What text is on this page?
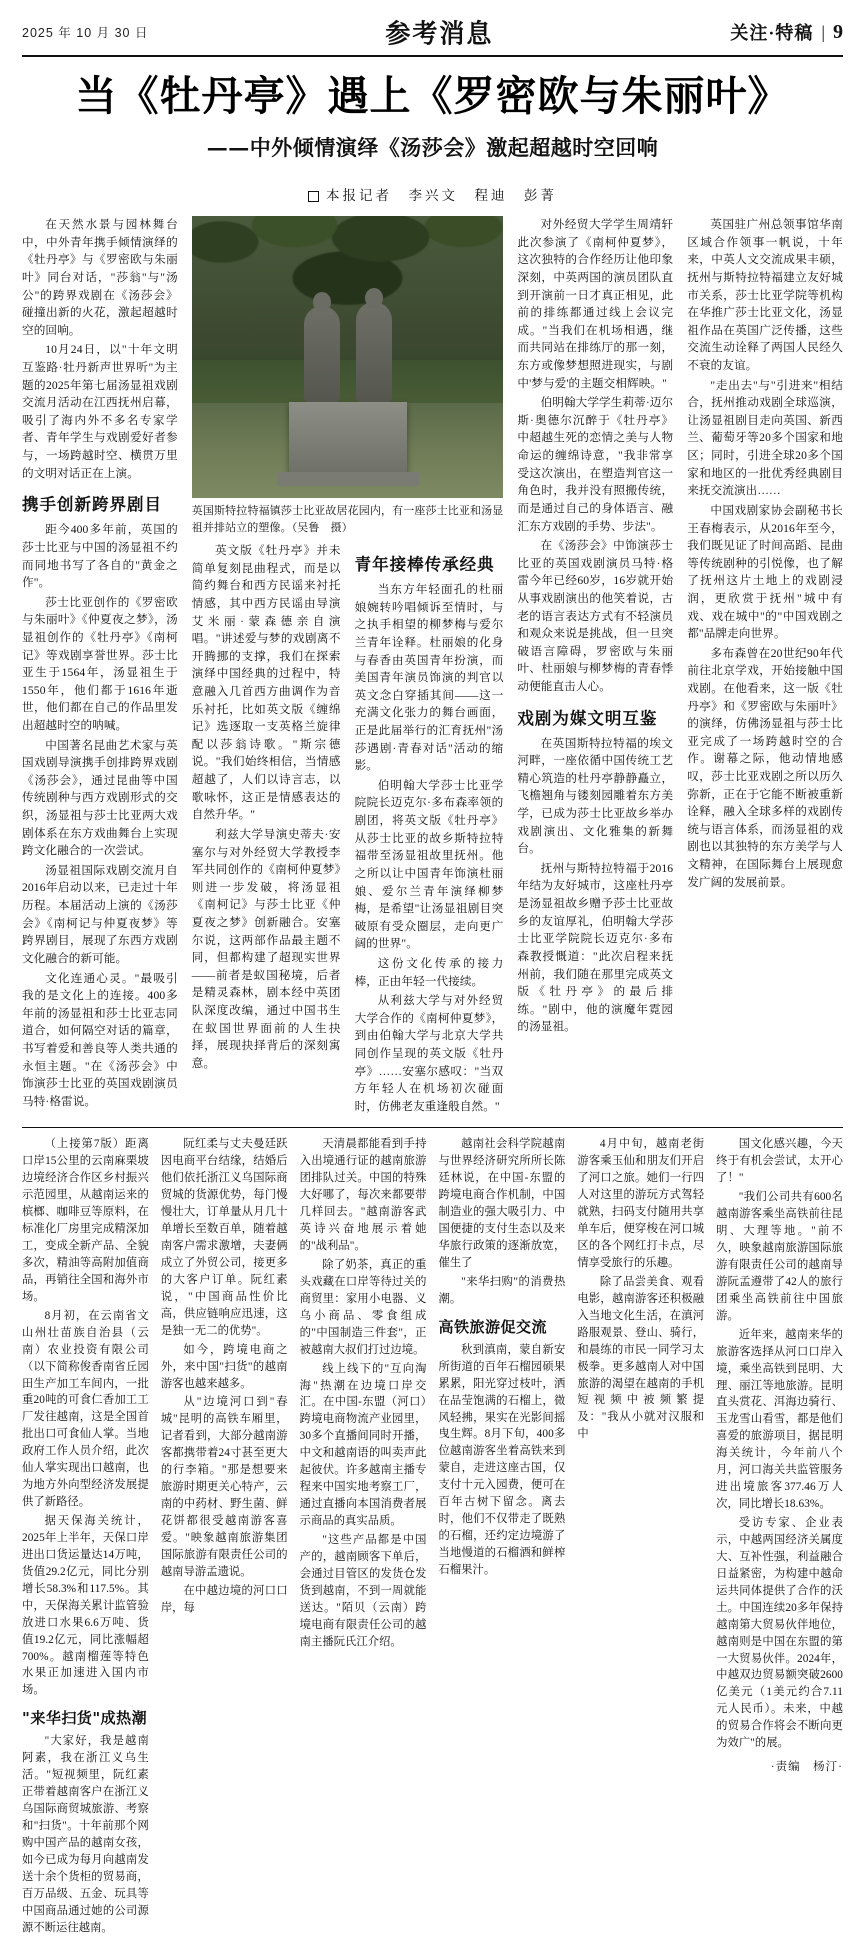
2025 年 10 月 30 日	参考消息	关注·特稿 | 9
当《牡丹亭》遇上《罗密欧与朱丽叶》
——中外倾情演绎《汤莎会》激起超越时空回响
本报记者　李兴文　程迪　彭菁

在天然水景与园林舞台中，中外青年携手倾情演绎的《牡丹亭》与《罗密欧与朱丽叶》同台对话，"莎翁"与"汤公"的跨界戏剧在《汤莎会》碰撞出新的火花，激起超越时空的回响。

10月24日，以"十年文明互鉴路·牡丹新声世界听"为主题的2025年第七届汤显祖戏剧交流月活动在江西抚州启幕，吸引了海内外不多名专家学者、青年学生与戏剧爱好者参与，一场跨越时空、横贯万里的文明对话正在上演。

携手创新跨界剧目

距今400多年前，英国的莎士比亚与中国的汤显祖不约而同地书写了各自的"黄金之作"。

莎士比亚创作的《罗密欧与朱丽叶》《仲夏夜之梦》，汤显祖创作的《牡丹亭》《南柯记》等戏剧享誉世界。莎士比亚生于1564年，汤显祖生于1550年，他们都于1616年逝世，他们都在自己的作品里发出超越时空的呐喊。

中国著名昆曲艺术家与英国戏剧导演携手创排跨界戏剧《汤莎会》，通过昆曲等中国传统剧种与西方戏剧形式的交织，汤显祖与莎士比亚两大戏剧体系在东方戏曲舞台上实现跨文化融合的一次尝试。

汤显祖国际戏剧交流月自2016年启动以来，已走过十年历程。本届活动上演的《汤莎会》《南柯记与仲夏夜梦》等跨界剧目，展现了东西方戏剧文化融合的新可能。

文化连通心灵。"最吸引我的是文化上的连接。400多年前的汤显祖和莎士比亚志同道合，如何隔空对话的篇章，书写着爱和善良等人类共通的永恒主题。"在《汤莎会》中饰演莎士比亚的英国戏剧演员马特·格雷说。

英国斯特拉特福镇莎士比亚故居花园内，有一座莎士比亚和汤显祖并排站立的塑像。（吴鲁　摄）

英文版《牡丹亭》并未简单复刻昆曲程式，而是以简约舞台和西方民谣来衬托情感，其中西方民谣由导演艾米丽·蒙森德亲自演唱。"讲述爱与梦的戏剧离不开腾挪的支撑，我们在探索演绎中国经典的过程中，特意融入几首西方曲调作为音乐衬托，比如英文版《缠绵记》选逐取一支英格兰旋律配以莎翁诗歌。"斯宗德说。"我们始终相信，当情感超越了，人们以诗言志，以歌咏怀，这正是情感表达的自然升华。"

利兹大学导演史蒂夫·安塞尔与对外经贸大学教授李军共同创作的《南柯仲夏梦》则进一步发破，将汤显祖《南柯记》与莎士比亚《仲夏夜之梦》创新融合。安塞尔说，这两部作品最主题不同，但都构建了超现实世界——前者是蚁国秘境，后者是精灵森林，剧本经中英团队深度改编，通过中国书生在蚁国世界面前的人生抉择，展现抉择背后的深刻寓意。

青年接棒传承经典

当东方年轻面孔的杜丽娘婉转吟唱倾诉至情时，与之执手相望的柳梦梅与爱尔兰青年诠释。杜丽娘的化身与春香由英国青年扮演，而美国青年演员饰演的判官以英文念白穿插其间——这一充满文化张力的舞台画面，正是此届举行的汇育抚州"汤莎遇剧·青春对话"活动的缩影。

伯明翰大学莎士比亚学院院长迈克尔·多布森率领的剧团，将英文版《牡丹亭》从莎士比亚的故乡斯特拉特福带至汤显祖故里抚州。他之所以让中国青年饰演杜丽娘、爱尔兰青年演绎柳梦梅，是希望"让汤显祖剧目突破原有受众圈层，走向更广阔的世界"。

这份文化传承的接力棒，正由年轻一代接续。

从利兹大学与对外经贸大学合作的《南柯仲夏梦》，到由伯翰大学与北京大学共同创作呈现的英文版《牡丹亭》……安塞尔感叹："当双方年轻人在机场初次碰面时，仿佛老友重逢般自然。"

对外经贸大学学生周靖轩此次参演了《南柯仲夏梦》，这次独特的合作经历让他印象深刻，中英两国的演员团队直到开演前一日才真正相见，此前的排练都通过线上会议完成。"当我们在机场相遇，继而共同站在排练厅的那一刻，东方或像梦想照进现实，与剧中'梦与爱'的主题交相辉映。"

伯明翰大学学生莉蒂·迈尔斯·奥德尔沉醉于《牡丹亭》中超越生死的恋情之美与人物命运的缠绵诗意，"我非常享受这次演出，在塑造判官这一角色时，我并没有照搬传统，而是通过自己的身体语言、融汇东方戏剧的手势、步法"。

在《汤莎会》中饰演莎士比亚的英国戏剧演员马特·格雷今年已经60岁，16岁就开始从事戏剧演出的他笑着说，古老的语言表达方式有不轻演员和观众来说是挑战，但一旦突破语言障碍，罗密欧与朱丽叶、杜丽娘与柳梦梅的青春悸动便能直击人心。

戏剧为媒文明互鉴

在英国斯特拉特福的埃文河畔，一座依循中国传统工艺精心筑造的杜丹亭静静矗立，飞檐翘角与镂刻园雕着东方美学，已成为莎士比亚故乡举办戏剧演出、文化雅集的新舞台。

抚州与斯特拉特福于2016年结为友好城市，这座杜丹亭是汤显祖故乡赠予莎士比亚故乡的友谊厚礼，伯明翰大学莎士比亚学院院长迈克尔·多布森教授慨道："此次启程来抚州前，我们随在那里完成英文版《牡丹亭》的最后排练。"剧中，他的演魔年霓园的汤显祖。

英国驻广州总领事馆华南区域合作领事一帆说，十年来，中英人文交流成果丰硕，抚州与斯特拉特福建立友好城市关系，莎士比亚学院等机构在华推广莎士比亚文化，汤显祖作品在英国广泛传播，这些交流生动诠释了两国人民经久不衰的友谊。

"走出去"与"引进来"相结合，抚州推动戏剧全球巡演，让汤显祖剧目走向英国、新西兰、葡萄牙等20多个国家和地区；同时，引进全球20多个国家和地区的一批优秀经典剧目来抚交流演出……

中国戏剧家协会副秘书长王春梅表示，从2016年至今，我们既见证了时间高蹈、昆曲等传统剧种的引悦像，也了解了抚州这片土地上的戏剧浸润，更欣赏于抚州"城中有戏、戏在城中"的"中国戏剧之都"品牌走向世界。

多布森曾在20世纪90年代前往北京学戏，开始接触中国戏剧。在他看来，这一版《牡丹亭》和《罗密欧与朱丽叶》的演绎，仿佛汤显祖与莎士比亚完成了一场跨越时空的合作。谢幕之际，他动情地感叹，莎士比亚戏剧之所以历久弥新，正在于它能不断被重新诠释，融入全球多样的戏剧传统与语言体系，而汤显祖的戏剧也以其独特的东方美学与人文精神，在国际舞台上展现愈发广阔的发展前景。

（上接第7版）距离口岸15公里的云南麻栗坡边境经济合作区乡村振兴示范园里，从越南运来的槟榔、咖啡豆等原料，在标准化厂房里完成精深加工，变成全新产品、全貌多次，精油等高附加值商品，再销往全国和海外市场。

8月初，在云南省文山州壮苗族自治县（云南）农业投资有限公司（以下简称俊香南省丘园田生产加工车间内，一批重20吨的可食仁香加工工厂发往越南，这是全国首批出口可食仙人掌。当地政府工作人员介绍，此次仙人掌实现出口越南，也为地方外向型经济发展提供了新路径。

据天保海关统计，2025年上半年，天保口岸进出口货运量达14万吨，货值29.2亿元，同比分别增长58.3%和117.5%。其中，天保海关累计监管验放进口水果6.6万吨、货值19.2亿元，同比涨幅超700%。越南榴莲等特色水果正加速进入国内市场。

"来华扫货"成热潮

"大家好，我是越南阿素，我在浙江义乌生活。"短视频里，阮红素正带着越南客户在浙江义乌国际商贸城旅游、考察和"扫货"。十年前那个网购中国产品的越南女孩，如今已成为每月向越南发送十余个货柜的贸易商，百万品级、五金、玩具等中国商品通过她的公司源源不断运往越南。

阮红柔与丈夫曼廷跃因电商平台结缘，结婚后他们依托浙江义乌国际商贸城的货源优势，每门慢慢壮大，订单量从月几十单增长至数百单，随着越南客户需求激增，夫妻俩成立了外贸公司，接更多的大客户订单。阮红素说，"中国商品性价比高，供应链响应迅速，这是独一无二的优势"。

如今，跨境电商之外，来中国"扫货"的越南游客也越来越多。

从"边境河口到"春城"昆明的高铁车厢里，记者看到，大部分越南游客都携带着24寸甚至更大的行李箱。"那是想要来旅游时期更关心特产，云南的中药材、野生菌、鲜花饼都很受越南游客喜爱。"映象越南旅游集团国际旅游有限责任公司的越南导游孟遗说。

在中越边境的河口口岸，每

天清晨都能看到手持入出境通行证的越南旅游团排队过关。中国的特殊大好哪了，每次来都要带几样回去。"越南游客武英诗兴奋地展示着她的"战利品"。

除了奶茶，真正的重头戏藏在口岸等待过关的商贸里：家用小电器、义乌小商品、零食组成的"中国制造三件套"，正被越南大叔们打过边境。

线上线下的"互向淘海"热潮在边境口岸交汇。在中国-东盟（河口）跨境电商物流产业园里，30多个直播间同时开播，中文和越南语的叫卖声此起彼伏。许多越南主播专程来中国实地考察工厂，通过直播向本国消费者展示商品的真实品质。

"这些产品都是中国产的，越南顾客下单后，会通过目管区的发货仓发货到越南，不到一周就能送达。"陌贝（云南）跨境电商有限责任公司的越南主播阮氏江介绍。

越南社会科学院越南与世界经济研究所所长陈廷林说，在中国-东盟的跨境电商合作机制，中国制造业的强大吸引力、中国便捷的支付生态以及来华旅行政策的逐渐放宽，催生了

"来华扫购"的消费热潮。

高铁旅游促交流

秋到滇南，蒙自新安所街道的百年石榴园硕果累累，阳光穿过枝叶，洒在品莹饱满的石榴上，微风轻拂，果实在光影间摇曳生辉。8月下旬，400多位越南游客坐着高铁来到蒙自，走进这座古国，仅支付十元入园费，便可在百年古树下留念。离去时，他们不仅带走了既熟的石榴，还约定边境游了当地慢道的石榴酒和鲜榨石榴果汁。

4月中旬，越南老街游客乘玉仙和朋友们开启了河口之旅。她们一行四人对这里的游玩方式驾轻就熟，扫码支付随用共享单车后，便穿梭在河口城区的各个网红打卡点，尽情享受旅行的乐趣。

除了品尝美食、观看电影，越南游客还积极融入当地文化生活，在滇河路服观景、登山、骑行，和晨练的市民一同学习太极拳。更多越南人对中国旅游的渴望在越南的手机短视频中被频繁提及："我从小就对汉服和中

国文化感兴趣，今天终于有机会尝试，太开心了！"

"我们公司共有600名越南游客乘坐高铁前往昆明、大理等地。"前不久，映象越南旅游国际旅游有限责任公司的越南导游阮孟遵带了42人的旅行团乘坐高铁前往中国旅游。

近年来，越南来华的旅游客选择从河口口岸入境，乘坐高铁到昆明、大理、丽江等地旅游。昆明直头赏花、洱海边骑行、玉龙雪山看雪，都是他们喜爱的旅游项目，据昆明海关统计，今年前八个月，河口海关共监管服务进出境旅客377.46万人次，同比增长18.63%。

受访专家、企业表示，中越两国经济关属度大、互补性强，利益融合日益紧密，为构建中越命运共同体提供了合作的沃土。中国连续20多年保持越南第大贸易伙伴地位，越南则是中国在东盟的第一大贸易伙伴。2024年，中越双边贸易额突破2600亿美元（1美元约合7.11元人民币）。未来，中越的贸易合作将会不断向更为效广"的展。

·责编　杨汀·
